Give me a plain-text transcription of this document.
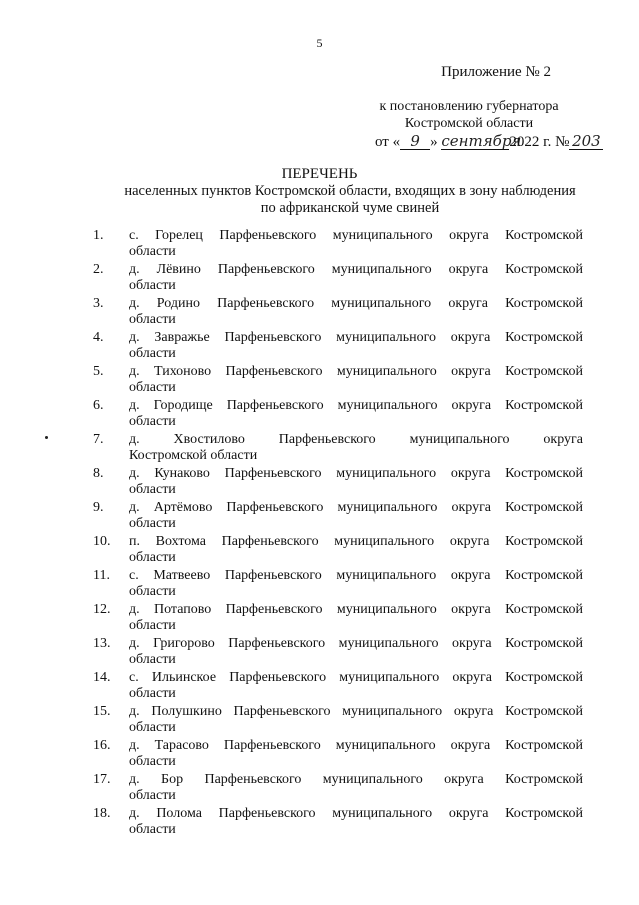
5
Приложение № 2
к постановлению губернатора
Костромской области
от « 9 » сентября2022 г. № 203
ПЕРЕЧЕНЬ
населенных пунктов Костромской области, входящих в зону наблюдения
по африканской чуме свиней
1.	с. Горелец Парфеньевского муниципального округа Костромской
области
2.	д. Лёвино Парфеньевского муниципального округа Костромской
области
3.	д. Родино Парфеньевского муниципального округа Костромской
области
4.	д. Завражье Парфеньевского муниципального округа Костромской
области
5.	д. Тихоново Парфеньевского муниципального округа Костромской
области
6.	д. Городище Парфеньевского муниципального округа Костромской
области
7.	д. Хвостилово Парфеньевского муниципального округа
Костромской области
8.	д. Кунаково Парфеньевского муниципального округа Костромской
области
9.	д. Артёмово Парфеньевского муниципального округа Костромской
области
10.	п. Вохтома Парфеньевского муниципального округа Костромской
области
11.	с. Матвеево Парфеньевского муниципального округа Костромской
области
12.	д. Потапово Парфеньевского муниципального округа Костромской
области
13.	д. Григорово Парфеньевского муниципального округа Костромской
области
14.	с. Ильинское Парфеньевского муниципального округа Костромской
области
15.	д. Полушкино Парфеньевского муниципального округа Костромской
области
16.	д. Тарасово Парфеньевского муниципального округа Костромской
области
17.	д. Бор Парфеньевского муниципального округа Костромской
области
18.	д. Полома Парфеньевского муниципального округа Костромской
области
